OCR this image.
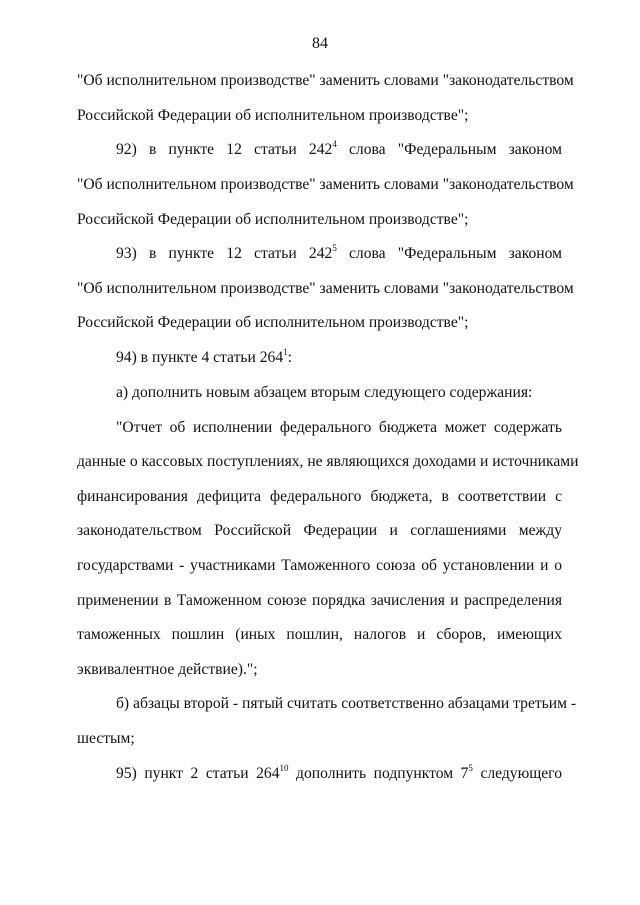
84
"Об исполнительном производстве" заменить словами "законодательством
Российской Федерации об исполнительном производстве";
92) в пункте 12 статьи $242^4$ слова "Федеральным законом
"Об исполнительном производстве" заменить словами "законодательством
Российской Федерации об исполнительном производстве";
93) в пункте 12 статьи $242^5$ слова "Федеральным законом
"Об исполнительном производстве" заменить словами "законодательством
Российской Федерации об исполнительном производстве";
94) в пункте 4 статьи $264^1$:
а) дополнить новым абзацем вторым следующего содержания:
"Отчет об исполнении федерального бюджета может содержать
данные о кассовых поступлениях, не являющихся доходами и источниками
финансирования дефицита федерального бюджета, в соответствии с
законодательством Российской Федерации и соглашениями между
государствами - участниками Таможенного союза об установлении и о
применении в Таможенном союзе порядка зачисления и распределения
таможенных пошлин (иных пошлин, налогов и сборов, имеющих
эквивалентное действие).";
б) абзацы второй - пятый считать соответственно абзацами третьим -
шестым;
95) пункт 2 статьи $264^{10}$ дополнить подпунктом $7^5$ следующего
